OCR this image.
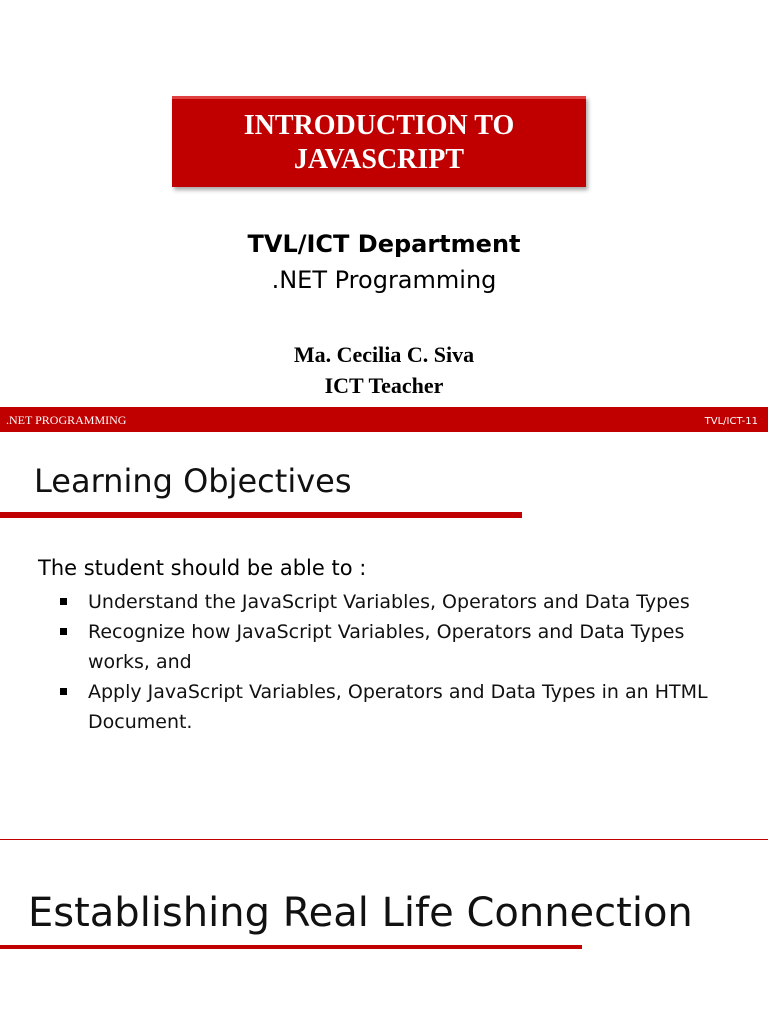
INTRODUCTION TO
JAVASCRIPT
TVL/ICT Department
.NET Programming
Ma. Cecilia C. Siva
ICT Teacher
.NET PROGRAMMING	TVL/ICT-11
Learning Objectives
The student should be able to :
Understand the JavaScript Variables, Operators and Data Types
Recognize how JavaScript Variables, Operators and Data Types works, and
Apply JavaScript Variables, Operators and Data Types in an HTML Document.
Establishing Real Life Connection
